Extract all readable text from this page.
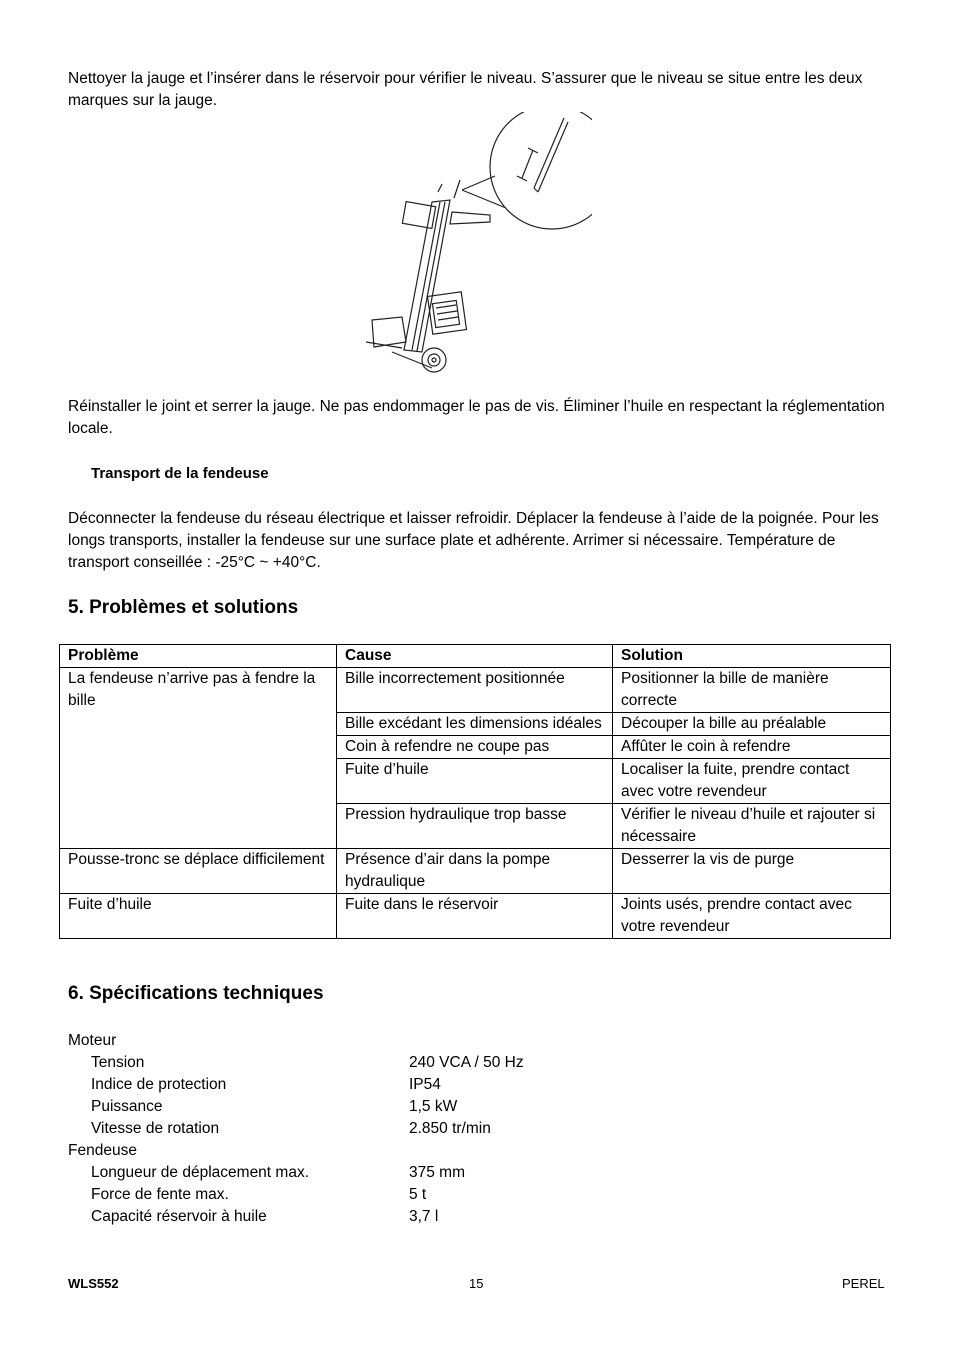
Nettoyer la jauge et l’insérer dans le réservoir pour vérifier le niveau. S’assurer que le niveau se situe entre les deux marques sur la jauge.
Réinstaller le joint et serrer la jauge. Ne pas endommager le pas de vis. Éliminer l’huile en respectant la réglementation locale.
Transport de la fendeuse
Déconnecter la fendeuse du réseau électrique et laisser refroidir. Déplacer la fendeuse à l’aide de la poignée. Pour les longs transports, installer la fendeuse sur une surface plate et adhérente. Arrimer si nécessaire. Température de transport conseillée : -25°C ~ +40°C.
5. Problèmes et solutions
Problème	Cause	Solution
La fendeuse n’arrive pas à fendre la bille	Bille incorrectement positionnée	Positionner la bille de manière correcte
	Bille excédant les dimensions idéales	Découper la bille au préalable
	Coin à refendre ne coupe pas	Affûter le coin à refendre
	Fuite d’huile	Localiser la fuite, prendre contact avec votre revendeur
	Pression hydraulique trop basse	Vérifier le niveau d’huile et rajouter si nécessaire
Pousse-tronc se déplace difficilement	Présence d’air dans la pompe hydraulique	Desserrer la vis de purge
Fuite d’huile	Fuite dans le réservoir	Joints usés, prendre contact avec votre revendeur
6. Spécifications techniques
Moteur
Tension	240 VCA / 50 Hz
Indice de protection	IP54
Puissance	1,5 kW
Vitesse de rotation	2.850 tr/min
Fendeuse
Longueur de déplacement max.	375 mm
Force de fente max.	5 t
Capacité réservoir à huile	3,7 l
WLS552	15	PEREL
